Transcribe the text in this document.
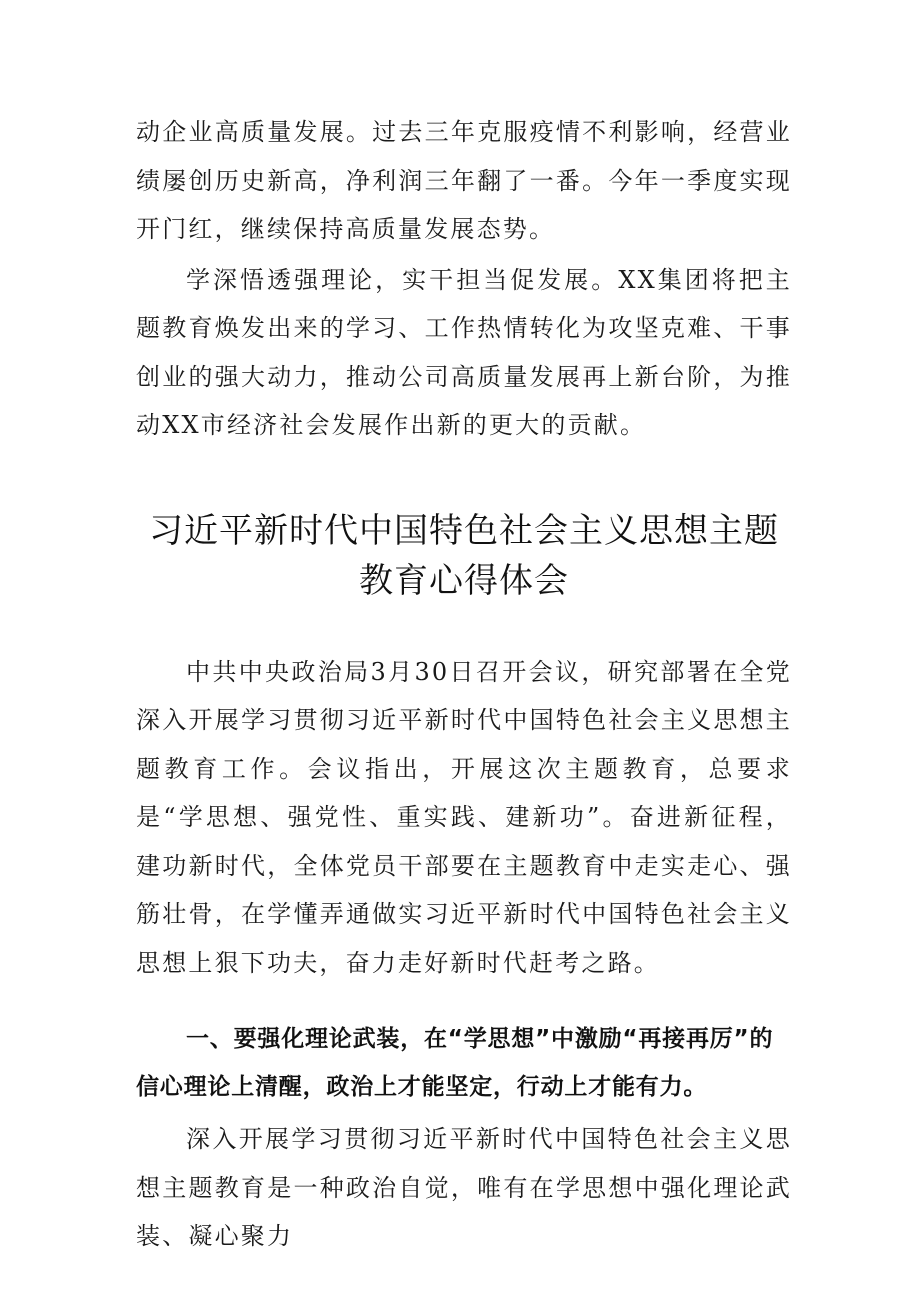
动企业高质量发展。过去三年克服疫情不利影响，经营业绩屡创历史新高，净利润三年翻了一番。今年一季度实现开门红，继续保持高质量发展态势。

学深悟透强理论，实干担当促发展。XX集团将把主题教育焕发出来的学习、工作热情转化为攻坚克难、干事创业的强大动力，推动公司高质量发展再上新台阶，为推动XX市经济社会发展作出新的更大的贡献。

习近平新时代中国特色社会主义思想主题
教育心得体会

中共中央政治局3月30日召开会议，研究部署在全党深入开展学习贯彻习近平新时代中国特色社会主义思想主题教育工作。会议指出，开展这次主题教育，总要求是“学思想、强党性、重实践、建新功”。奋进新征程，建功新时代，全体党员干部要在主题教育中走实走心、强筋壮骨，在学懂弄通做实习近平新时代中国特色社会主义思想上狠下功夫，奋力走好新时代赶考之路。

一、要强化理论武装，在“学思想”中激励“再接再厉”的信心理论上清醒，政治上才能坚定，行动上才能有力。

深入开展学习贯彻习近平新时代中国特色社会主义思想主题教育是一种政治自觉，唯有在学思想中强化理论武装、凝心聚力
